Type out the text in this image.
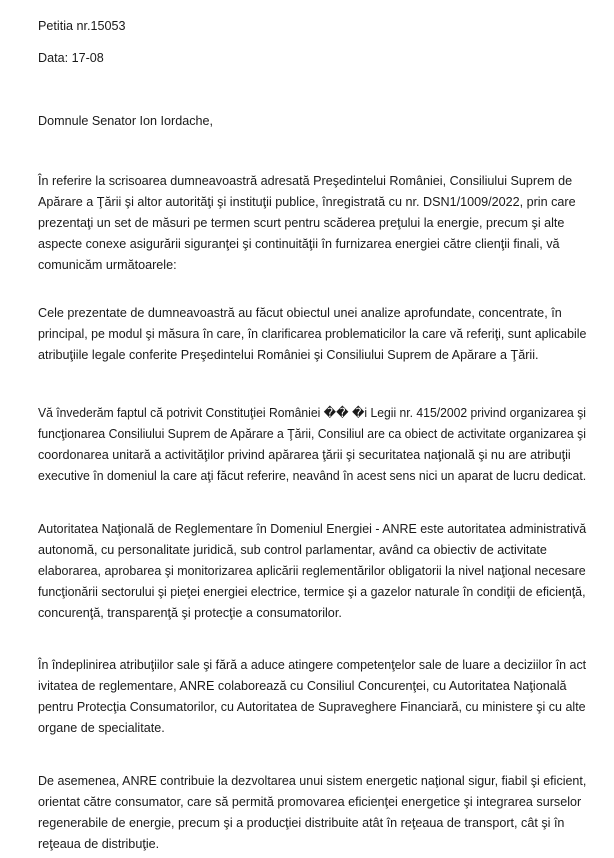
Petitia nr.15053

Data: 17-08

Domnule Senator Ion Iordache,

În referire la scrisoarea dumneavoastră adresată Preşedintelui României, Consiliului Suprem de
Apărare a Ţării şi altor autorităţi şi instituţii publice, înregistrată cu nr. DSN1/1009/2022, prin care
prezentaţi un set de măsuri pe termen scurt pentru scăderea preţului la energie, precum şi alte
aspecte conexe asigurării siguranţei şi continuităţii în furnizarea energiei către clienţii finali, vă
comunicăm următoarele:
Cele prezentate de dumneavoastră au făcut obiectul unei analize aprofundate, concentrate, în
principal, pe modul şi măsura în care, în clarificarea problematicilor la care vă referiţi, sunt aplicabile
atribuţiile legale conferite Preşedintelui României şi Consiliului Suprem de Apărare a Ţării.
Vă învederăm faptul că potrivit Constituţiei României �� �i Legii nr. 415/2002 privind organizarea şi
funcţionarea Consiliului Suprem de Apărare a Ţării, Consiliul are ca obiect de activitate organizarea şi
coordonarea unitară a activităţilor privind apărarea ţării şi securitatea naţională şi nu are atribuţii
executive în domeniul la care aţi făcut referire, neavând în acest sens nici un aparat de lucru dedicat.
Autoritatea Naţională de Reglementare în Domeniul Energiei - ANRE este autoritatea administrativă
autonomă, cu personalitate juridică, sub control parlamentar, având ca obiectiv de activitate
elaborarea, aprobarea şi monitorizarea aplicării reglementărilor obligatorii la nivel naţional necesare
funcţionării sectorului şi pieţei energiei electrice, termice şi a gazelor naturale în condiţii de eficienţă,
concurenţă, transparenţă şi protecţie a consumatorilor.
În îndeplinirea atribuţiilor sale şi fără a aduce atingere competenţelor sale de luare a deciziilor în act
ivitatea de reglementare, ANRE colaborează cu Consiliul Concurenţei, cu Autoritatea Naţională
pentru Protecţia Consumatorilor, cu Autoritatea de Supraveghere Financiară, cu ministere şi cu alte
organe de specialitate.
De asemenea, ANRE contribuie la dezvoltarea unui sistem energetic naţional sigur, fiabil şi eficient,
orientat către consumator, care să permită promovarea eficienţei energetice şi integrarea surselor
regenerabile de energie, precum şi a producţiei distribuite atât în reţeaua de transport, cât şi în
reţeaua de distribuţie.
